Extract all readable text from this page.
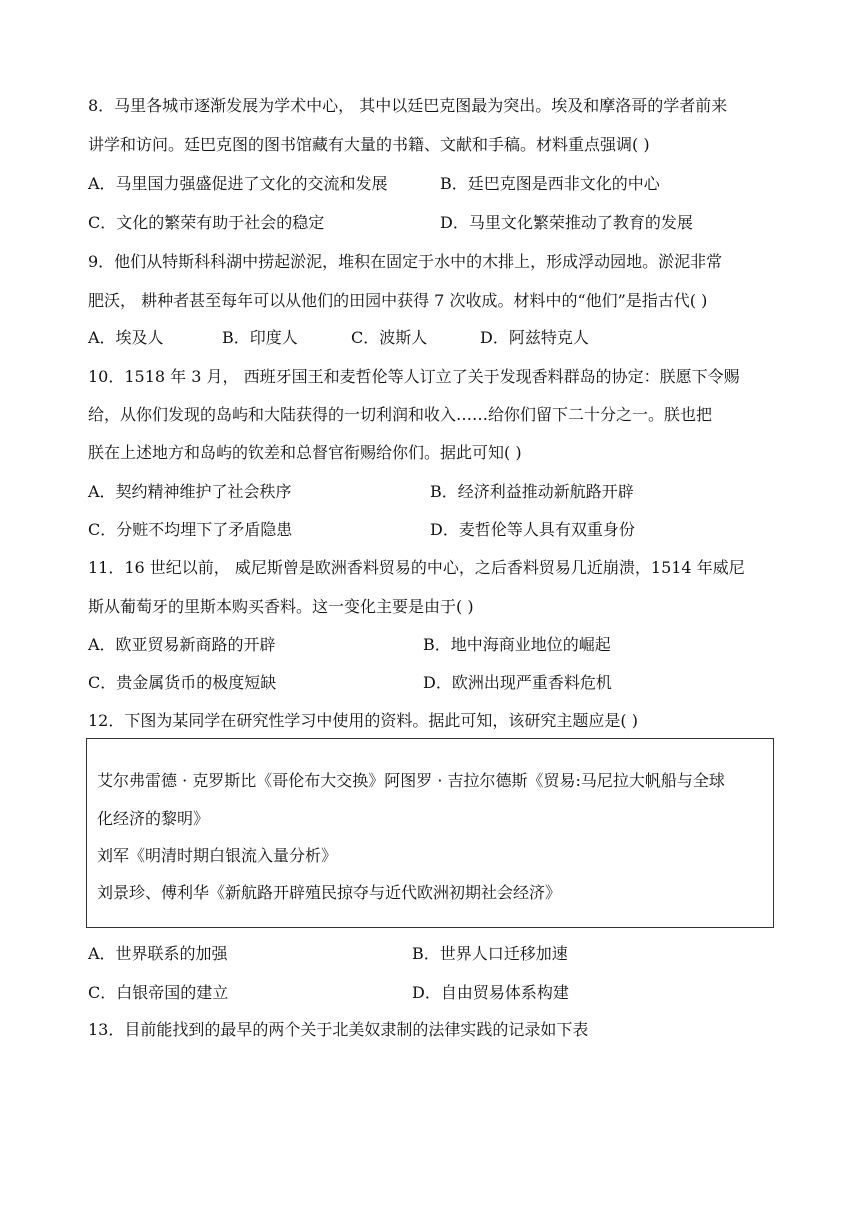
8．马里各城市逐渐发展为学术中心， 其中以廷巴克图最为突出。埃及和摩洛哥的学者前来
讲学和访问。廷巴克图的图书馆藏有大量的书籍、文献和手稿。材料重点强调( )
A．马里国力强盛促进了文化的交流和发展	B．廷巴克图是西非文化的中心
C．文化的繁荣有助于社会的稳定	D．马里文化繁荣推动了教育的发展
9．他们从特斯科科湖中捞起淤泥，堆积在固定于水中的木排上，形成浮动园地。淤泥非常
肥沃， 耕种者甚至每年可以从他们的田园中获得 7 次收成。材料中的“他们”是指古代( )
A．埃及人	B．印度人	C．波斯人	D．阿兹特克人
10．1518 年 3 月， 西班牙国王和麦哲伦等人订立了关于发现香料群岛的协定：朕愿下令赐
给，从你们发现的岛屿和大陆获得的一切利润和收入……给你们留下二十分之一。朕也把
朕在上述地方和岛屿的钦差和总督官衔赐给你们。据此可知( )
A．契约精神维护了社会秩序	B．经济利益推动新航路开辟
C．分赃不均埋下了矛盾隐患	D．麦哲伦等人具有双重身份
11．16 世纪以前， 威尼斯曾是欧洲香料贸易的中心，之后香料贸易几近崩溃，1514 年威尼
斯从葡萄牙的里斯本购买香料。这一变化主要是由于( )
A．欧亚贸易新商路的开辟	B．地中海商业地位的崛起
C．贵金属货币的极度短缺	D．欧洲出现严重香料危机
12．下图为某同学在研究性学习中使用的资料。据此可知，该研究主题应是( )
艾尔弗雷德 · 克罗斯比《哥伦布大交换》阿图罗 · 吉拉尔德斯《贸易:马尼拉大帆船与全球
化经济的黎明》
刘军《明清时期白银流入量分析》
刘景珍、傅利华《新航路开辟殖民掠夺与近代欧洲初期社会经济》
A．世界联系的加强	B．世界人口迁移加速
C．白银帝国的建立	D．自由贸易体系构建
13．目前能找到的最早的两个关于北美奴隶制的法律实践的记录如下表
